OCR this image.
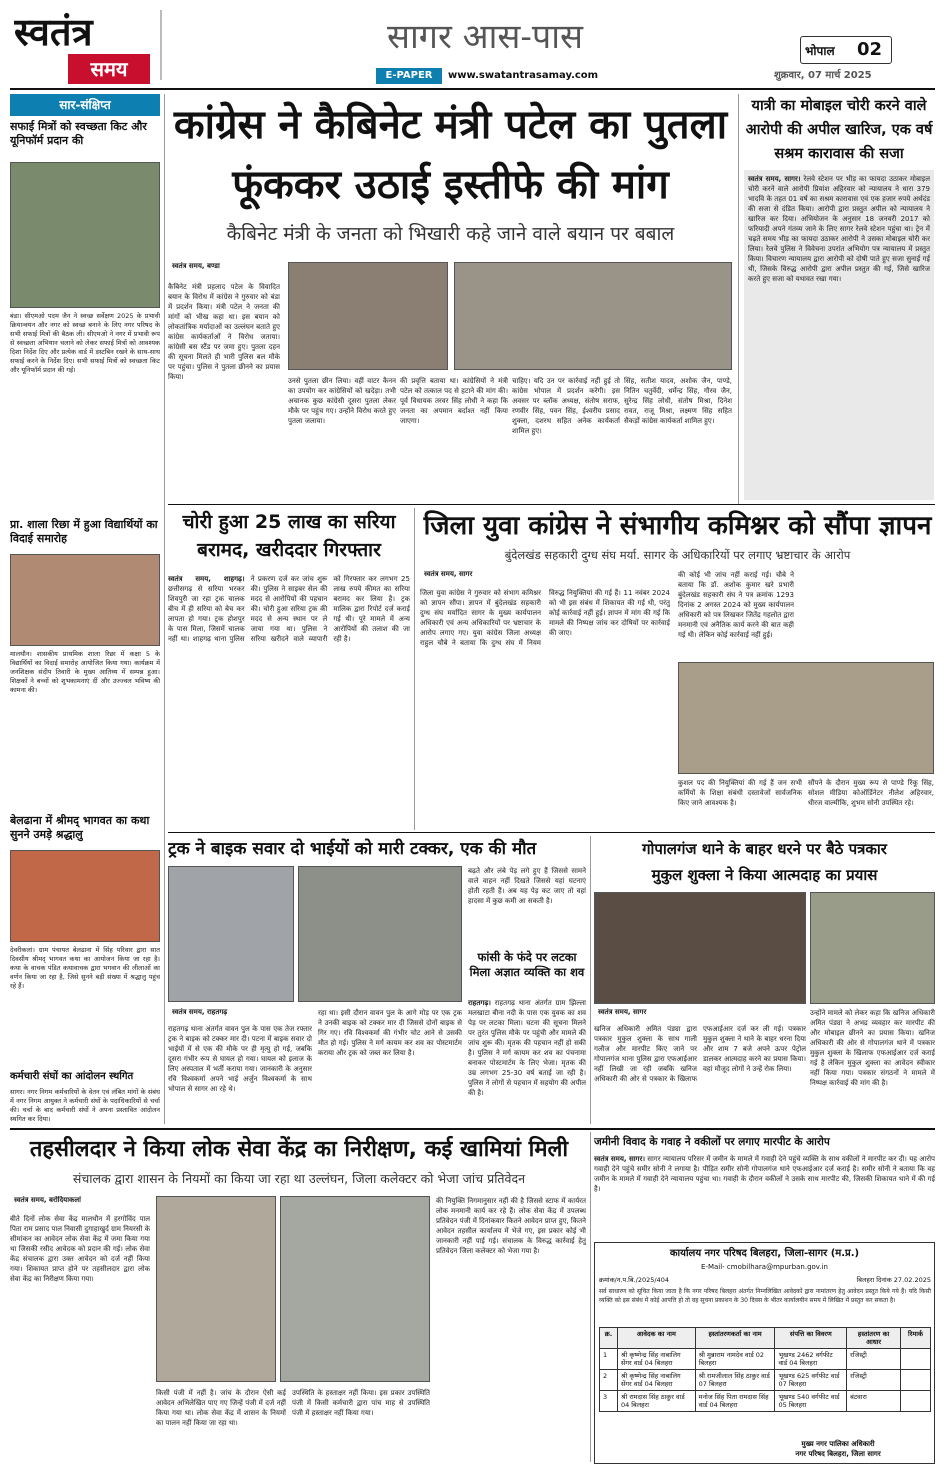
स्वतंत्र
समय
सागर आस-पास
E-PAPER	www.swatantrasamay.com
भोपाल	02
शुक्रवार, 07 मार्च 2025
सार-संक्षिप्त
सफाई मित्रों को स्वच्छता किट और यूनिफॉर्म प्रदान की
बंडा। सीएमओ पदम जैन ने स्वच्छ सर्वेक्षण 2025 के प्रभावी क्रियान्वयन और नगर को स्वच्छ बनाने के लिए नगर परिषद के सभी सफाई मित्रों की बैठक ली। सीएमओ ने नगर में प्रभावी रूप से स्वच्छता अभियान चलाने को लेकर सफाई मित्रों को आवश्यक दिशा निर्देश दिए और प्रत्येक वार्ड में डस्टबिन रखने के साथ-साथ सफाई करने के निर्देश दिए। सभी सफाई मित्रों को स्वच्छता किट और यूनिफॉर्म प्रदान की गई।
प्रा. शाला रिछा में हुआ विद्यार्थियों का विदाई समारोह
मालथौन। शासकीय प्राथमिक शाला रिछा में कक्षा 5 के विद्यार्थियों का विदाई समारोह आयोजित किया गया। कार्यक्रम में जनशिक्षक संदीप तिवारी के मुख्य आतिथ्य में सम्पन्न हुआ। शिक्षकों ने बच्चों को शुभकामनाएं दीं और उज्ज्वल भविष्य की कामना की।
बेलढाना में श्रीमद् भागवत का कथा सुनने उमड़े श्रद्धालु
देवरीकलां। ग्राम पंचायत बेलढाना में सिंह परिवार द्वारा सात दिवसीय श्रीमद् भागवत कथा का आयोजन किया जा रहा है। कथा के वाचक पंडित कथावाचक द्वारा भगवान की लीलाओं का वर्णन किया जा रहा है, जिसे सुनने बड़ी संख्या में श्रद्धालु पहुंच रहे हैं।
कर्मचारी संघों का आंदोलन स्थगित
सागर। नगर निगम कर्मचारियों के वेतन एवं लंबित मांगों के संबंध में नगर निगम आयुक्त ने कर्मचारी संघों के पदाधिकारियों से चर्चा की। चर्चा के बाद कर्मचारी संघों ने अपना प्रस्तावित आंदोलन स्थगित कर दिया।
कांग्रेस ने कैबिनेट मंत्री पटेल का पुतला
फूंककर उठाई इस्तीफे की मांग
कैबिनेट मंत्री के जनता को भिखारी कहे जाने वाले बयान पर बबाल
स्वतंत्र समय, बण्डा
कैबिनेट मंत्री प्रहलाद पटेल के विवादित बयान के विरोध में कांग्रेस ने गुरुवार को बंडा में प्रदर्शन किया। मंत्री पटेल ने जनता की मांगों को भीख कहा था। इस बयान को लोकतांत्रिक मर्यादाओं का उल्लंघन बताते हुए कांग्रेस कार्यकर्ताओं ने विरोध जताया। कांग्रेसी बस स्टैंड पर जमा हुए। पुतला दहन की सूचना मिलते ही भारी पुलिस बल मौके पर पहुंचा। पुलिस ने पुतला छीनने का प्रयास किया।	उनसे पुतला छीन लिया। वहीं वाटर कैनन का उपयोग कर कांग्रेसियों को खदेड़ा। तभी अचानक कुछ कांग्रेसी दूसरा पुतला लेकर मौके पर पहुंच गए। उन्होंने विरोध करते हुए पुतला जलाया।
की प्रवृत्ति बताया था। कांग्रेसियों ने मंत्री पटेल को तत्काल पद से हटाने की मांग की। पूर्व विधायक तरवर सिंह लोधी ने कहा कि जनता का अपमान बर्दाश्त नहीं किया जाएगा।
चाहिए। यदि उन पर कार्रवाई नहीं हुई तो कांग्रेस भोपाल में प्रदर्शन करेगी। इस अवसर पर ब्लॉक अध्यक्ष, संतोष सराफ, रणवीर सिंह, पवन सिंह, ईश्वरीय प्रसाद शुक्ला, दशरथ सहित अनेक कार्यकर्ता शामिल हुए।
सिंह, सतीश यादव, अशोक जैन, पाण्डे, नितिन चतुर्वेदी, धर्मेन्द्र सिंह, गौरव जैन, सुरेन्द्र सिंह लोधी, संतोष मिश्रा, दिनेश रावत, राजू मिश्रा, लक्ष्मण सिंह सहित सैकड़ों कांग्रेस कार्यकर्ता शामिल हुए।
यात्री का मोबाइल चोरी करने वाले आरोपी की अपील खारिज, एक वर्ष सश्रम कारावास की सजा
स्वतंत्र समय, सागर। रेलवे स्टेशन पर भीड़ का फायदा उठाकर मोबाइल चोरी करने वाले आरोपी प्रियांश अहिरवार को न्यायालय ने धारा 379 भादवि के तहत 01 वर्ष का सश्रम कारावास एवं एक हजार रुपये अर्थदंड की सजा से दंडित किया। आरोपी द्वारा प्रस्तुत अपील को न्यायालय ने खारिज कर दिया। अभियोजन के अनुसार 18 जनवरी 2017 को फरियादी अपने गंतव्य जाने के लिए सागर रेलवे स्टेशन पहुंचा था। ट्रेन में चढ़ते समय भीड़ का फायदा उठाकर आरोपी ने उसका मोबाइल चोरी कर लिया। रेलवे पुलिस ने विवेचना उपरांत अभियोग पत्र न्यायालय में प्रस्तुत किया। विचारण न्यायालय द्वारा आरोपी को दोषी पाते हुए सजा सुनाई गई थी, जिसके विरुद्ध आरोपी द्वारा अपील प्रस्तुत की गई, जिसे खारिज करते हुए सजा को यथावत रखा गया।
चोरी हुआ 25 लाख का सरिया बरामद, खरीददार गिरफ्तार
स्वतंत्र समय, शाहगढ़। छत्तीसगढ़ से सरिया भरकर शिवपुरी जा रहा ट्रक चालक बीच में ही सरिया को बेच कर लापता हो गया। ट्रक होशपुर के पास मिला, जिसमें चालक नहीं था। शाहगढ़ थाना पुलिस ने प्रकरण दर्ज कर जांच शुरू की। पुलिस ने साइबर सेल की मदद से आरोपियों की पहचान की। चोरी हुआ सरिया ट्रक की मदद से अन्य स्थान पर ले जाया गया था। पुलिस ने सरिया खरीदने वाले व्यापारी को गिरफ्तार कर लगभग 25 लाख रुपये कीमत का सरिया बरामद कर लिया है। ट्रक मालिक द्वारा रिपोर्ट दर्ज कराई गई थी। पूरे मामले में अन्य आरोपियों की तलाश की जा रही है।
जिला युवा कांग्रेस ने संभागीय कमिश्नर को सौंपा ज्ञापन
बुंदेलखंड सहकारी दुग्ध संघ मर्या. सागर के अधिकारियों पर लगाए भ्रष्टाचार के आरोप
स्वतंत्र समय, सागर
जिला युवा कांग्रेस ने गुरुवार को संभाग कमिश्नर को ज्ञापन सौंपा। ज्ञापन में बुंदेलखंड सहकारी दुग्ध संघ मर्यादित सागर के मुख्य कार्यपालन अधिकारी एवं अन्य अधिकारियों पर भ्रष्टाचार के आरोप लगाए गए। युवा कांग्रेस जिला अध्यक्ष राहुल चौबे ने बताया कि दुग्ध संघ में नियम विरुद्ध नियुक्तियां की गई हैं। 11 नवंबर 2024 को भी इस संबंध में शिकायत की गई थी, परंतु कोई कार्रवाई नहीं हुई। ज्ञापन में मांग की गई कि मामले की निष्पक्ष जांच कर दोषियों पर कार्रवाई की जाए।
की कोई भी जांच नहीं कराई गई। चौबे ने बताया कि डॉ. अशोक कुमार खरे प्रभारी बुंदेलखंड सहकारी संघ ने पत्र क्रमांक 1293 दिनांक 2 अगस्त 2024 को मुख्य कार्यपालन अधिकारी को पत्र लिखकर जितेंद्र गहलोत द्वारा मनमानी एवं अनैतिक कार्य करने की बात कही गई थी। लेकिन कोई कार्रवाई नहीं हुई।
कुशल पद की नियुक्तियां की गई हैं जन सभी कर्मियों के शिक्षा संबंधी दस्तावेजों सार्वजनिक किए जाने आवश्यक है।
सौंपने के दौरान मुख्य रूप से पाण्डे रिंकू सिंह, सोशल मीडिया कोऑर्डिनेटर नीलेश अहिरवार, धीरज वाल्मीकि, शुभम सोनी उपस्थित रहे।
ट्रक ने बाइक सवार दो भाईयों को मारी टक्कर, एक की मौत
बढ़ते और लंबे पेड़ लगे हुए हैं जिससे सामने वाले वाहन नहीं दिखते जिससे यहां घटनाएं होती रहती हैं। अब यह पेड़ कट जाए तो वहां हादसा में कुछ कमी आ सकती है।
फांसी के फंदे पर लटका मिला अज्ञात व्यक्ति का शव
स्वतंत्र समय, राहतगढ़
राहतगढ़ थाना अंतर्गत वावन पुल के पास एक तेज रफ्तार ट्रक ने बाइक को टक्कर मार दी। पटना में बाइक सवार दो भाईयों में से एक की मौके पर ही मृत्यु हो गई, जबकि दूसरा गंभीर रूप से घायल हो गया। घायल को इलाज के लिए अस्पताल में भर्ती कराया गया। जानकारी के अनुसार रवि विश्वकर्मा अपने भाई अर्जुन विश्वकर्मा के साथ भोपाल से सागर आ रहे थे।
रहा था। इसी दौरान वावन पुल के आगे मोड़ पर एक ट्रक ने उनकी बाइक को टक्कर मार दी जिससे दोनों बाइक से गिर गए। रवि विश्वकर्मा की गंभीर चोट आने से उसकी मौत हो गई। पुलिस ने मर्ग कायम कर शव का पोस्टमार्टम कराया और ट्रक को जब्त कर लिया है।
राहतगढ़। राहतगढ़ थाना अंतर्गत ग्राम झिल्ला मलखाटा बीना नदी के पास एक युवक का शव पेड़ पर लटका मिला। घटना की सूचना मिलने पर तुरंत पुलिस मौके पर पहुंची और मामले की जांच शुरू की। मृतक की पहचान नहीं हो सकी है। पुलिस ने मर्ग कायम कर शव का पंचनामा बनाकर पोस्टमार्टम के लिए भेजा। मृतक की उम्र लगभग 25-30 वर्ष बताई जा रही है। पुलिस ने लोगों से पहचान में सहयोग की अपील की है।
गोपालगंज थाने के बाहर धरने पर बैठे पत्रकार
मुकुल शुक्ला ने किया आत्मदाह का प्रयास
स्वतंत्र समय, सागर
खनिज अधिकारी अमित पंड्या द्वारा पत्रकार मुकुल शुक्ला के साथ गाली गलौज और मारपीट किए जाने पर गोपालगंज थाना पुलिस द्वारा एफआईआर नहीं लिखी जा रही जबकि खनिज अधिकारी की ओर से पत्रकार के खिलाफ एफआईआर दर्ज कर ली गई। पत्रकार मुकुल शुक्ला ने थाने के बाहर धरना दिया और शाम 7 बजे अपने ऊपर पेट्रोल डालकर आत्मदाह करने का प्रयास किया। वहां मौजूद लोगों ने उन्हें रोक लिया।
उन्होंने मामले को लेकर कहा कि खनिज अधिकारी अमित पंड्या ने अभद्र व्यवहार कर मारपीट की और मोबाइल छीनने का प्रयास किया। खनिज अधिकारी की ओर से गोपालगंज थाने में पत्रकार मुकुल शुक्ला के खिलाफ एफआईआर दर्ज कराई गई है लेकिन मुकुल शुक्ला का आवेदन स्वीकार नहीं किया गया। पत्रकार संगठनों ने मामले में निष्पक्ष कार्रवाई की मांग की है।
तहसीलदार ने किया लोक सेवा केंद्र का निरीक्षण, कई खामियां मिली
संचालक द्वारा शासन के नियमों का किया जा रहा था उल्लंघन, जिला कलेक्टर को भेजा जांच प्रतिवेदन
स्वतंत्र समय, बरोदियाकलां
बीते दिनों लोक सेवा केंद्र मालथौन में हरगोविंद पाल पिता राम प्रसाद पाल निवासी दुगाहाखुर्द ग्राम नियरसी के सीमांकन का आवेदन लोक सेवा केंद्र में जमा किया गया था जिसकी रसीद आवेदक को प्रदान की गई। लोक सेवा केंद्र संचालक द्वारा उक्त आवेदन को दर्ज नहीं किया गया। शिकायत प्राप्त होने पर तहसीलदार द्वारा लोक सेवा केंद्र का निरीक्षण किया गया।
किसी पंजी में नहीं है। जांच के दौरान ऐसी कई आवेदन अभिलेखित पाए गए जिन्हें पंजी में दर्ज नहीं किया गया था। लोक सेवा केंद्र में शासन के नियमों का पालन नहीं किया जा रहा था।
उपस्थिति के हस्ताक्षर नहीं किया। इस प्रकार उपस्थिति पंजी में किसी कर्मचारी द्वारा पांच माह से उपस्थिति पंजी में हस्ताक्षर नहीं किया गया।
की नियुक्ति निगमानुसार नहीं की है जिससे स्टाफ में कार्यरत लोक मनमानी कार्य कर रहे हैं। लोक सेवा केंद्र में उपलब्ध प्रतिवेदन पंजी में दिनांकवार कितने आवेदन प्राप्त हुए, कितने आवेदन तहसील कार्यालय में भेजे गए, इस प्रकार कोई भी जानकारी नहीं पाई गई। संचालक के विरुद्ध कार्रवाई हेतु प्रतिवेदन जिला कलेक्टर को भेजा गया है।
जमीनी विवाद के गवाह ने वकीलों पर लगाए मारपीट के आरोप
स्वतंत्र समय, सागर। सागर न्यायालय परिसर में जमीन के मामले में गवाही देने पहुंचे व्यक्ति के साथ वकीलों ने मारपीट कर दी। यह आरोप गवाही देने पहुंचे समीर सोनी ने लगाया है। पीड़ित समीर सोनी गोपालगंज थाने एफआईआर दर्ज कराई है। समीर सोनी ने बताया कि वह जमीन के मामले में गवाही देने न्यायालय पहुंचा था। गवाही के दौरान वकीलों ने उसके साथ मारपीट की, जिसकी शिकायत थाने में की गई है।
कार्यालय नगर परिषद बिलहरा, जिला-सागर (म.प्र.)
E-Mail- cmobilhara@mpurban.gov.in
क्रमांक/न.प.बि./2025/404	बिलहरा दिनांक 27.02.2025
सर्व साधारण को सूचित किया जाता है कि नगर परिषद बिलहरा अंतर्गत निम्नलिखित आवेदकों द्वारा नामांतरण हेतु आवेदन प्रस्तुत किये गये हैं। यदि किसी व्यक्ति को इस संबंध में कोई आपत्ति हो तो वह सूचना प्रकाशन के 30 दिवस के भीतर कार्यालयीन समय में लिखित में प्रस्तुत कर सकता है।
क्र.	आवेदक का नाम	हस्तांतरणकर्ता का नाम	संपत्ति का विवरण	हस्तांतरण का आधार	रिमार्क
1	श्री कृष्णेन्द्र सिंह नाबालिग सेंगर वार्ड 04 बिलहरा	श्री मुन्नाराम नामदेव वार्ड 02 बिलहरा	भूखण्ड 2462 वर्गफीट वार्ड 04 बिलहरा	रजिस्ट्री	
2	श्री कृष्णेन्द्र सिंह नाबालिग सेंगर वार्ड 04 बिलहरा	श्री रामजीलाल सिंह ठाकुर वार्ड 07 बिलहरा	भूखण्ड 625 वर्गफीट वार्ड 07 बिलहरा	रजिस्ट्री	
3	श्री रामदास सिंह ठाकुर वार्ड 04 बिलहरा	मनोज सिंह पिता रामदास सिंह वार्ड 04 बिलहरा	भूखण्ड 540 वर्गफीट वार्ड 05 बिलहरा	बंटवारा	
मुख्य नगर पालिका अधिकारी
नगर परिषद बिलहरा, जिला सागर
